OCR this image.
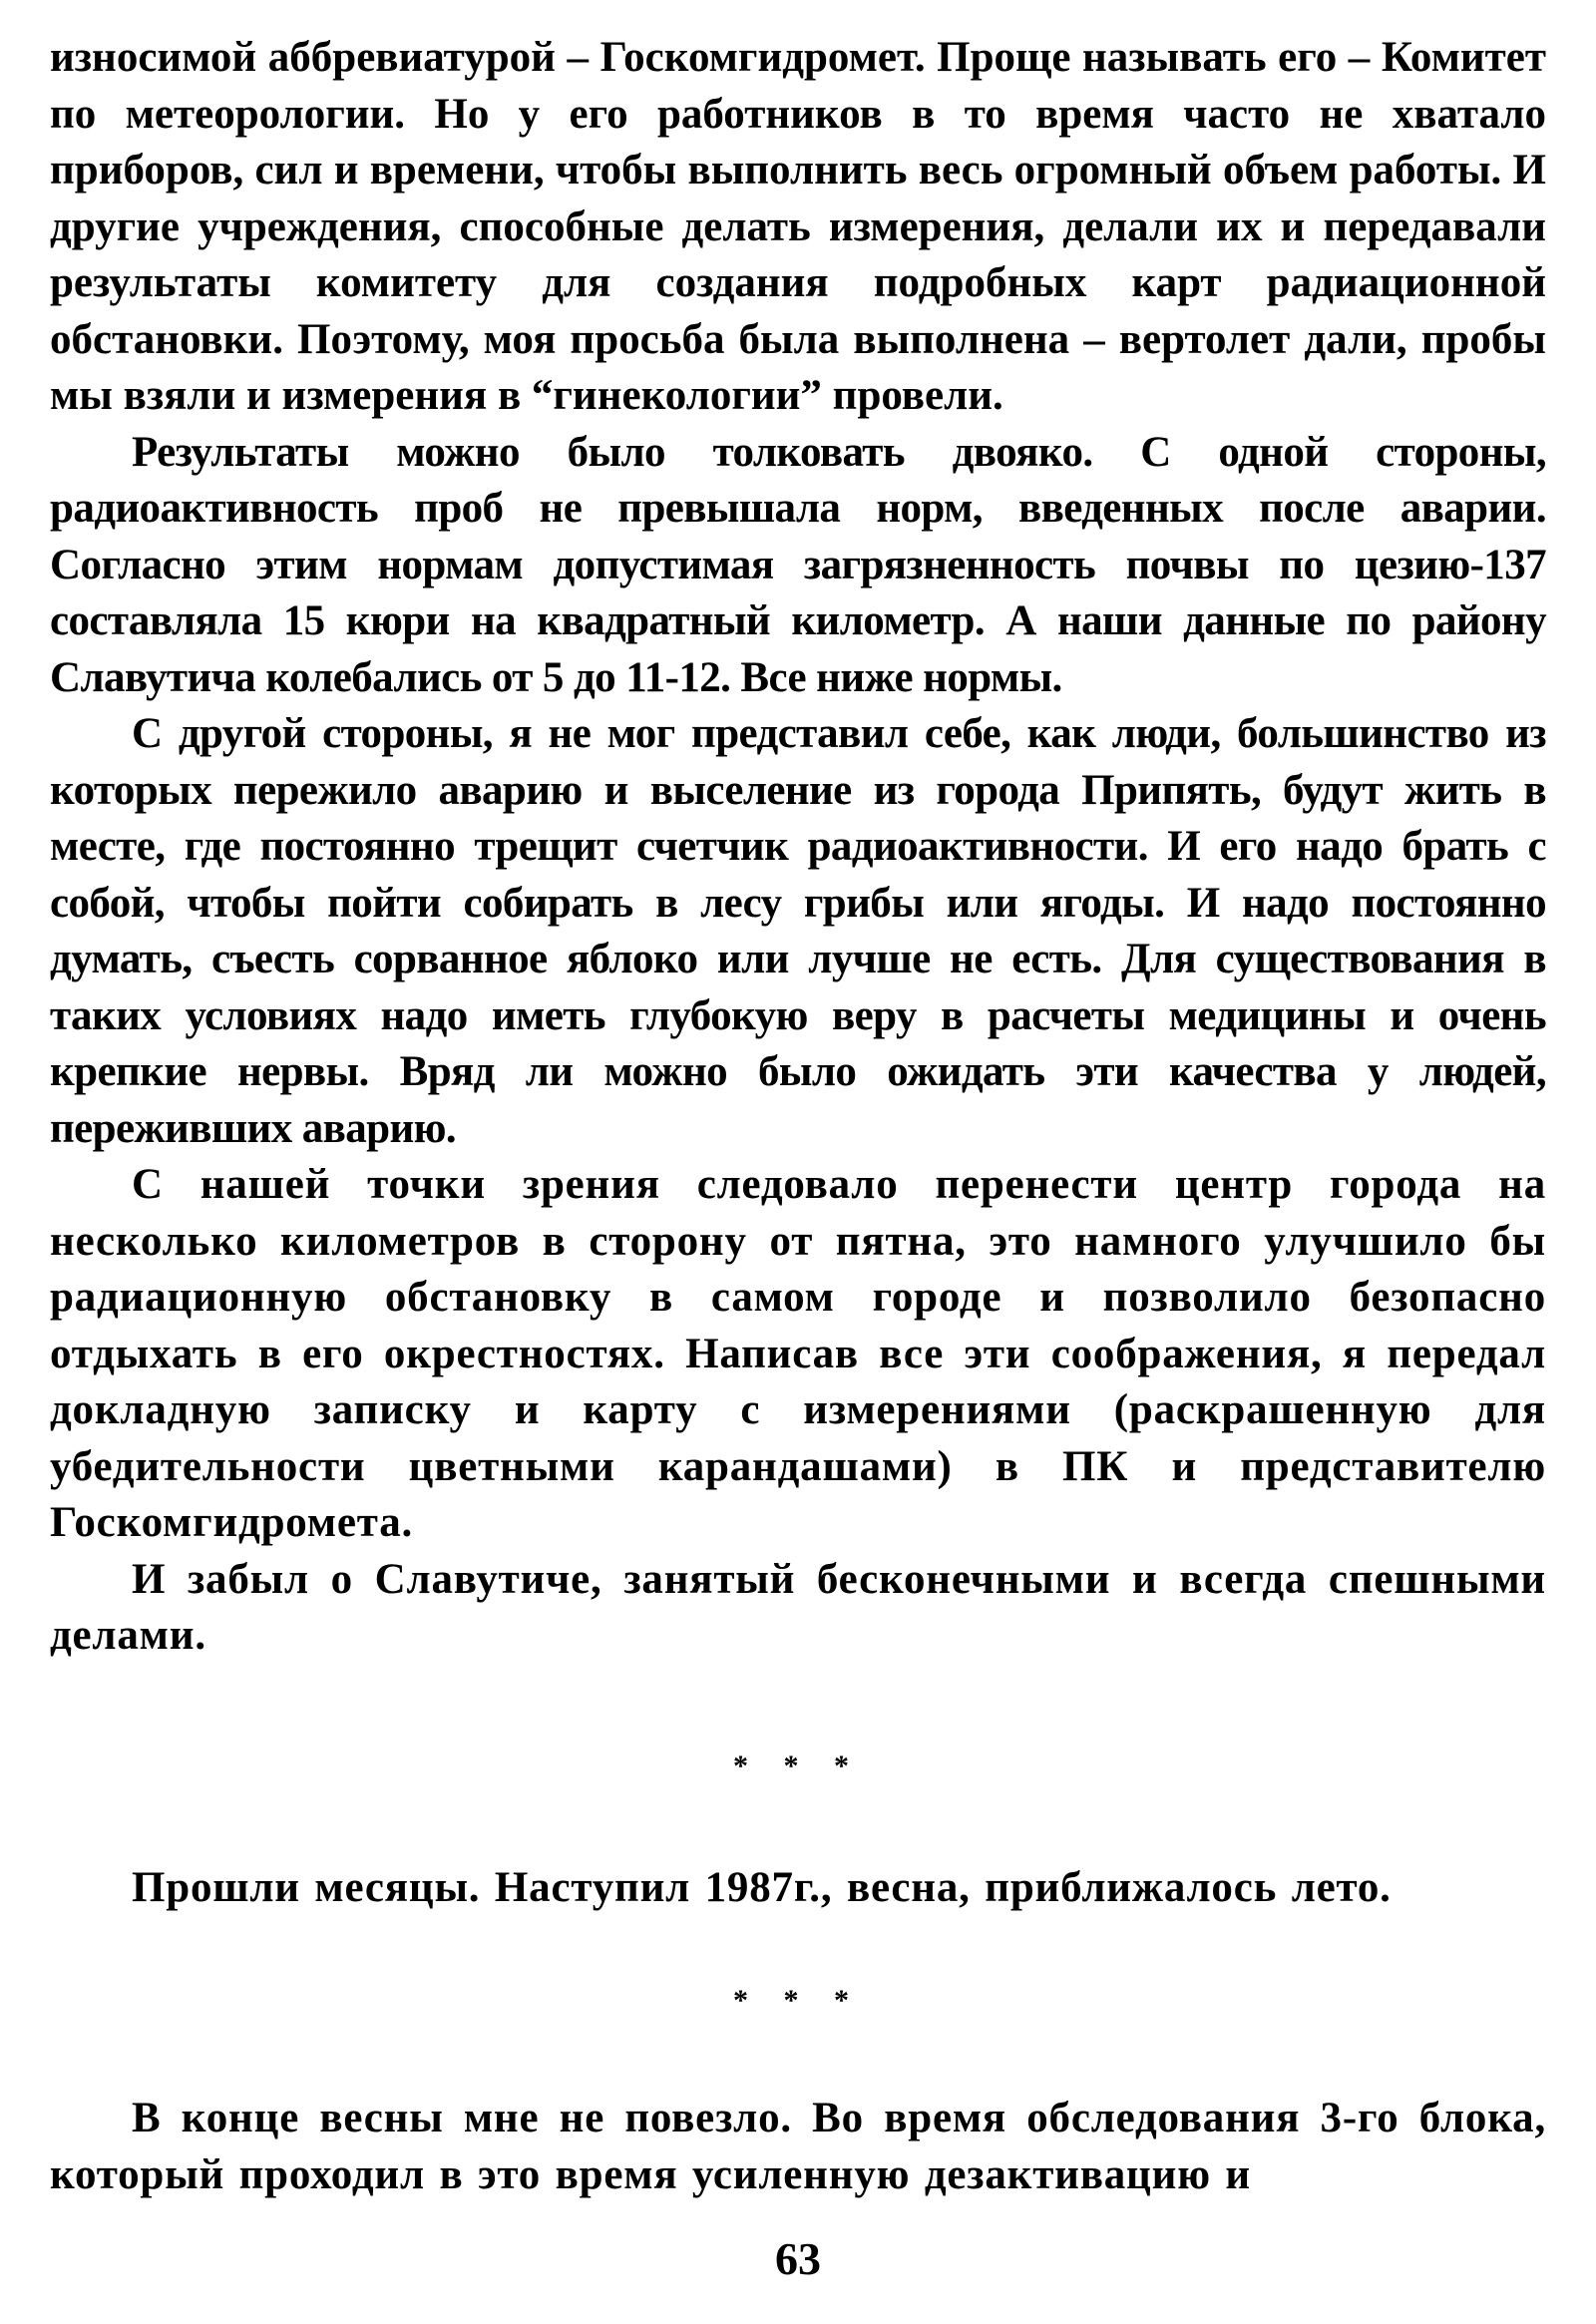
износимой аббревиатурой – Госкомгидромет. Проще называть его – Комитет по метеорологии. Но у его работников в то время часто не хватало приборов, сил и времени, чтобы выполнить весь огромный объем работы. И другие учреждения, способные делать измерения, делали их и передавали результаты комитету для создания подробных карт радиационной обстановки. Поэтому, моя просьба была выполнена – вертолет дали, пробы мы взяли и измерения в “гинекологии” провели.

Результаты можно было толковать двояко. С одной стороны, радиоактивность проб не превышала норм, введенных после аварии. Согласно этим нормам допустимая загрязненность почвы по цезию-137 составляла 15 кюри на квадратный километр. А наши данные по району Славутича колебались от 5 до 11-12. Все ниже нормы.

С другой стороны, я не мог представил себе, как люди, большинство из которых пережило аварию и выселение из города Припять, будут жить в месте, где постоянно трещит счетчик радиоактивности. И его надо брать с собой, чтобы пойти собирать в лесу грибы или ягоды. И надо постоянно думать, съесть сорванное яблоко или лучше не есть. Для существования в таких условиях надо иметь глубокую веру в расчеты медицины и очень крепкие нервы. Вряд ли можно было ожидать эти качества у людей, переживших аварию.

С нашей точки зрения следовало перенести центр города на несколько километров в сторону от пятна, это намного улучшило бы радиационную обстановку в самом городе и позволило безопасно отдыхать в его окрестностях. Написав все эти соображения, я передал докладную записку и карту с измерениями (раскрашенную для убедительности цветными карандашами) в ПК и представителю Госкомгидромета.

И забыл о Славутиче, занятый бесконечными и всегда спешными делами.

* * *

Прошли месяцы. Наступил 1987г., весна, приближалось лето.

* * *

В конце весны мне не повезло. Во время обследования 3-го блока, который проходил в это время усиленную дезактивацию и

63
